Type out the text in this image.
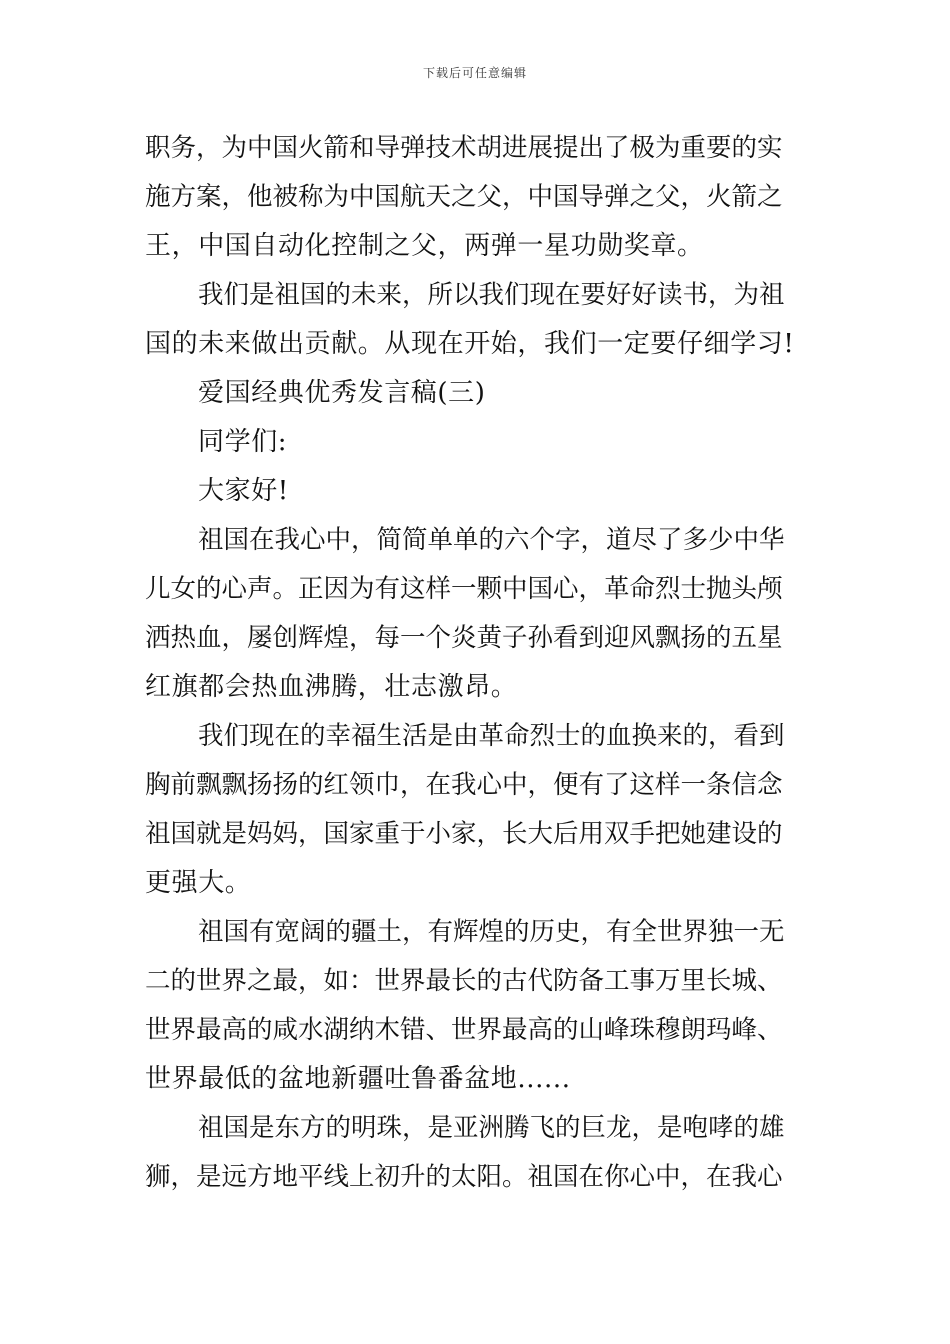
下载后可任意编辑
职务，为中国火箭和导弹技术胡进展提出了极为重要的实
施方案，他被称为中国航天之父，中国导弹之父，火箭之
王，中国自动化控制之父，两弹一星功勋奖章。
我们是祖国的未来，所以我们现在要好好读书，为祖
国的未来做出贡献。从现在开始，我们一定要仔细学习!
爱国经典优秀发言稿(三)
同学们:
大家好!
祖国在我心中，简简单单的六个字，道尽了多少中华
儿女的心声。正因为有这样一颗中国心，革命烈士抛头颅
洒热血，屡创辉煌，每一个炎黄子孙看到迎风飘扬的五星
红旗都会热血沸腾，壮志激昂。
我们现在的幸福生活是由革命烈士的血换来的，看到
胸前飘飘扬扬的红领巾，在我心中，便有了这样一条信念
祖国就是妈妈，国家重于小家，长大后用双手把她建设的
更强大。
祖国有宽阔的疆土，有辉煌的历史，有全世界独一无
二的世界之最，如：世界最长的古代防备工事万里长城、
世界最高的咸水湖纳木错、世界最高的山峰珠穆朗玛峰、
世界最低的盆地新疆吐鲁番盆地......
祖国是东方的明珠，是亚洲腾飞的巨龙，是咆哮的雄
狮，是远方地平线上初升的太阳。祖国在你心中，在我心
